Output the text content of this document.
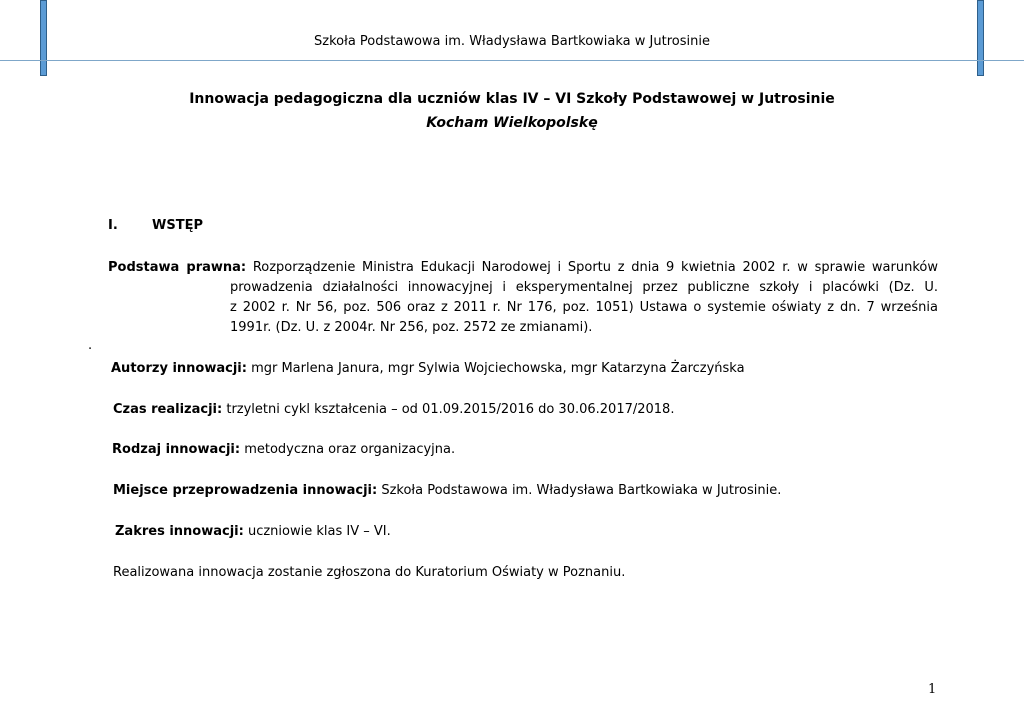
Szkoła Podstawowa im. Władysława Bartkowiaka w Jutrosinie
Innowacja pedagogiczna dla uczniów klas IV – VI Szkoły Podstawowej w Jutrosinie
Kocham Wielkopolskę
I.	WSTĘP
Podstawa prawna: Rozporządzenie Ministra Edukacji Narodowej i Sportu z dnia 9 kwietnia 2002 r. w sprawie warunków
prowadzenia działalności innowacyjnej i eksperymentalnej przez publiczne szkoły i placówki (Dz. U.
z 2002 r. Nr 56, poz. 506 oraz z 2011 r. Nr 176, poz. 1051) Ustawa o systemie oświaty z dn. 7 września
1991r. (Dz. U. z 2004r. Nr 256, poz. 2572 ze zmianami).
.
Autorzy innowacji: mgr Marlena Janura, mgr Sylwia Wojciechowska, mgr Katarzyna Żarczyńska
Czas realizacji: trzyletni cykl kształcenia – od 01.09.2015/2016 do 30.06.2017/2018.
Rodzaj innowacji: metodyczna oraz organizacyjna.
Miejsce przeprowadzenia innowacji: Szkoła Podstawowa im. Władysława Bartkowiaka w Jutrosinie.
Zakres innowacji: uczniowie klas IV – VI.
Realizowana innowacja zostanie zgłoszona do Kuratorium Oświaty w Poznaniu.
1
